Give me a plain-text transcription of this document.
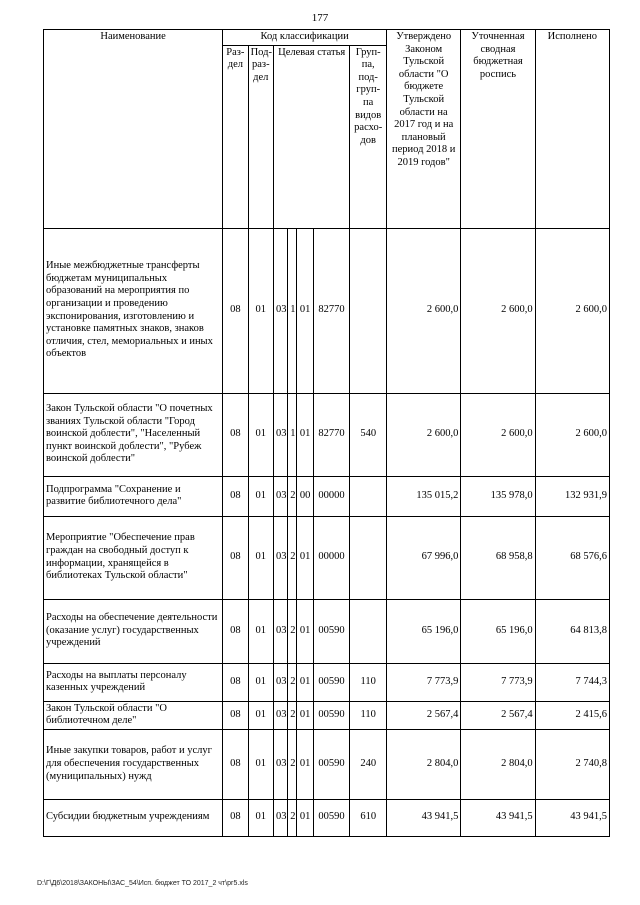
177
Наименование	Код классификации							Утверждено Законом Тульской области "О бюджете Тульской области на 2017 год и на плановый период 2018 и 2019 годов"	Уточненная сводная бюджетная роспись	Исполнено
	Раз-дел	Под-раз-дел	Целевая статья				Груп-па, под-груп-па видов расхо-дов			
Иные межбюджетные трансферты бюджетам муниципальных образований на мероприятия по организации и проведению экспонирования, изготовлению и установке памятных знаков, знаков отличия, стел, мемориальных и иных объектов	08	01	03	1	01	82770		2 600,0	2 600,0	2 600,0
Закон Тульской области "О почетных званиях Тульской области "Город воинской доблести", "Населенный пункт воинской доблести", "Рубеж воинской доблести"	08	01	03	1	01	82770	540	2 600,0	2 600,0	2 600,0
Подпрограмма "Сохранение и развитие библиотечного дела"	08	01	03	2	00	00000		135 015,2	135 978,0	132 931,9
Мероприятие "Обеспечение прав граждан на свободный доступ к информации, хранящейся в библиотеках Тульской области"	08	01	03	2	01	00000		67 996,0	68 958,8	68 576,6
Расходы на обеспечение деятельности (оказание услуг) государственных учреждений	08	01	03	2	01	00590		65 196,0	65 196,0	64 813,8
Расходы на выплаты персоналу казенных учреждений	08	01	03	2	01	00590	110	7 773,9	7 773,9	7 744,3
Закон Тульской области "О библиотечном деле"	08	01	03	2	01	00590	110	2 567,4	2 567,4	2 415,6
Иные закупки товаров, работ и услуг для обеспечения государственных (муниципальных) нужд	08	01	03	2	01	00590	240	2 804,0	2 804,0	2 740,8
Субсидии бюджетным учреждениям	08	01	03	2	01	00590	610	43 941,5	43 941,5	43 941,5
D:\Г\Д6\2018\ЗАКОНЫ\ЗАС_54\Исп. бюджет ТО 2017_2 чт\рг5.xls
